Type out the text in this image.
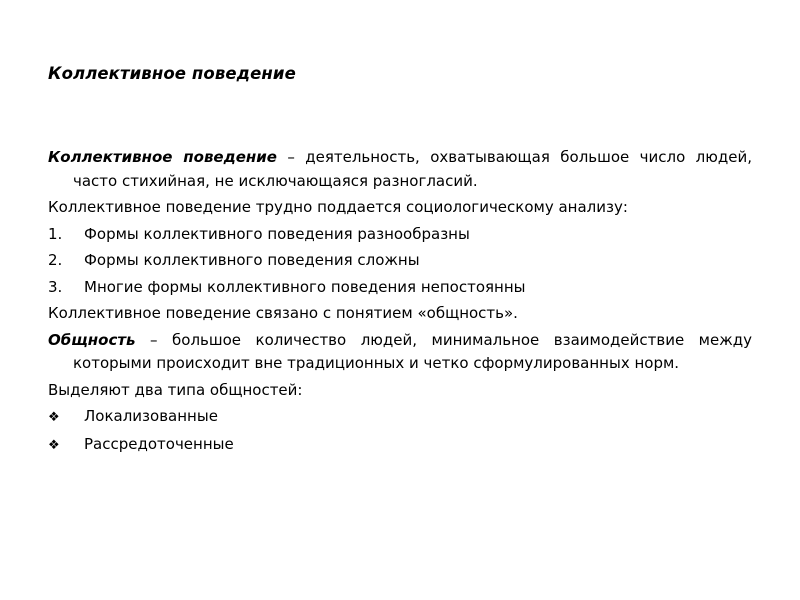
Коллективное поведение

Коллективное поведение – деятельность, охватывающая большое число людей, часто стихийная, не исключающаяся разногласий.

Коллективное поведение трудно поддается социологическому анализу:

1.	Формы коллективного поведения разнообразны
2.	Формы коллективного поведения сложны
3.	Многие формы коллективного поведения непостоянны

Коллективное поведение связано с понятием «общность».

Общность – большое количество людей, минимальное взаимодействие между которыми происходит вне традиционных и четко сформулированных норм.

Выделяют два типа общностей:

❖	Локализованные
❖	Рассредоточенные
